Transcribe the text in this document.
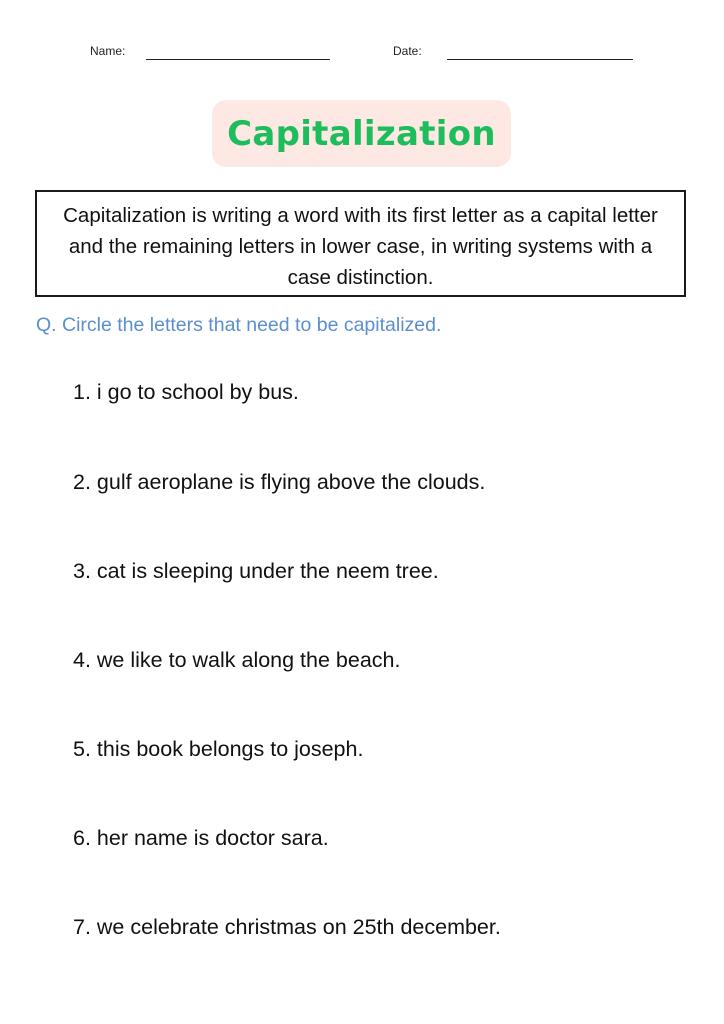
Name:	Date:
Capitalization
Capitalization is writing a word with its first letter as a capital letter and the remaining letters in lower case, in writing systems with a case distinction.
Q. Circle the letters that need to be capitalized.
1. i go to school by bus.
2. gulf aeroplane is flying above the clouds.
3. cat is sleeping under the neem tree.
4. we like to walk along the beach.
5. this book belongs to joseph.
6. her name is doctor sara.
7. we celebrate christmas on 25th december.
